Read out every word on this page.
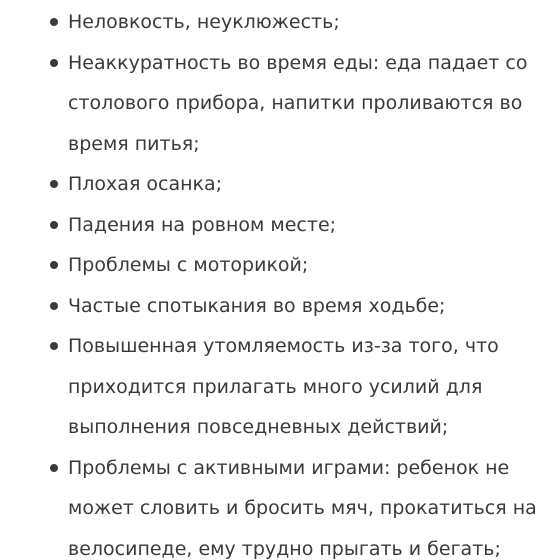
Неловкость, неуклюжесть;
Неаккуратность во время еды: еда падает со столового прибора, напитки проливаются во время питья;
Плохая осанка;
Падения на ровном месте;
Проблемы с моторикой;
Частые спотыкания во время ходьбе;
Повышенная утомляемость из-за того, что приходится прилагать много усилий для выполнения повседневных действий;
Проблемы с активными играми: ребенок не может словить и бросить мяч, прокатиться на велосипеде, ему трудно прыгать и бегать;
